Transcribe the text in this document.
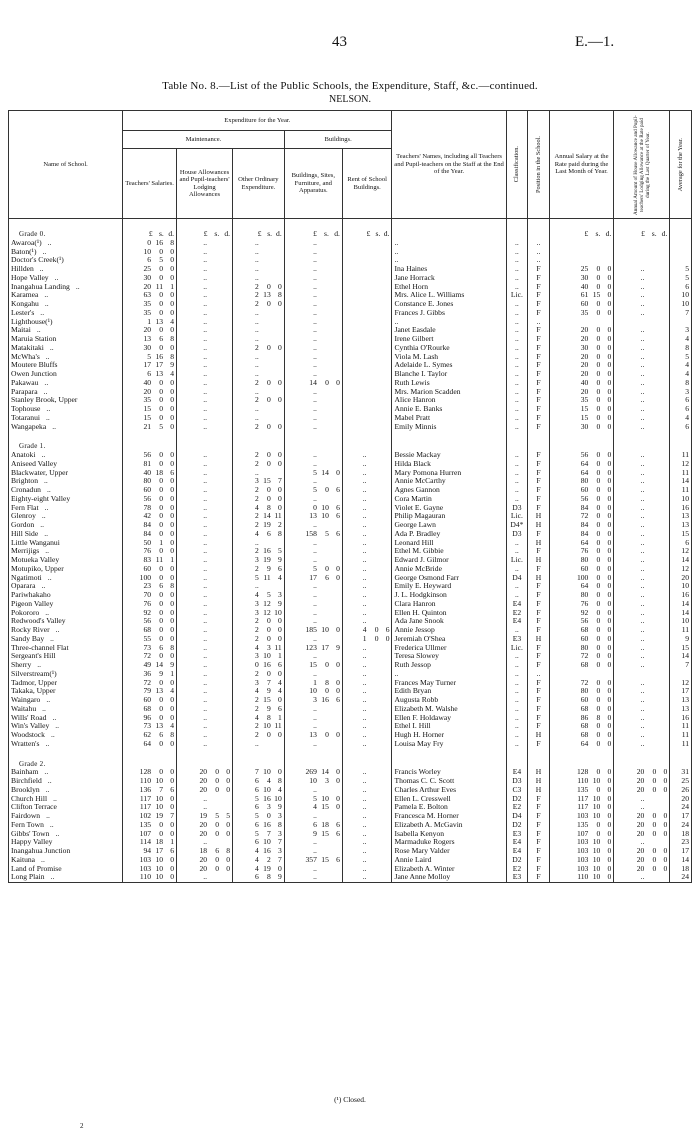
43	E.—1.
Table No. 8.—List of the Public Schools, the Expenditure, Staff, &c.—continued.
NELSON.
Name of School.	Expenditure for the Year.					Teachers' Names, including all Teachers and Pupil-teachers on the Staff at the End of the Year.	Classification.	Position in the School.	Annual Salary at the Rate paid during the Last Month of Year.	Annual Amount of House Allowance and Pupil-teachers' Lodging Allowance at the Rate paid during the Last Quarter of Year.	Average for the Year.

	Maintenance.			Buildings.							
	Teachers' Salaries.	House Allowances and Pupil-teachers' Lodging Allowances	Other Ordinary Expenditure.	Buildings, Sites, Furniture, and Apparatus.	Rent of School Buildings.						
Grade 0.	£ s. d.	£ s. d.	£ s. d.	£ s. d.	£ s. d.				£ s. d.	£ s. d.	

Awaroa(¹) ..	0 16 8	..	..	..		..	..	..	

Baton(¹) ..	10 0 0	..	..	..		..	..	..	

Doctor's Creek(¹)	6 5 0	..	..	..		..	..	..	

Hillden ..	25 0 0	..	..	..		Ina Haines	..	F	25 0 0	..	5
Hope Valley ..	30 0 0	..	..	..		Jane Horrack	..	F	30 0 0	..	5
Inangahua Landing ..	20 11 1	..	2 0 0	..		Ethel Horn	..	F	40 0 0	..	6
Karamea ..	63 0 0	..	2 13 8	..		Mrs. Alice L. Williams	Lic.	F	61 15 0	..	10
Kongahu ..	35 0 0	..	2 0 0	..		Constance E. Jones	..	F	60 0 0	..	10
Lester's ..	35 0 0	..	..	..		Frances J. Gibbs	..	F	35 0 0	..	7
Lighthouse(¹)	1 13 4	..	..	..		..	..	..	

Maitai ..	20 0 0	..	..	..		Janet Easdale	..	F	20 0 0	..	3
Maruia Station	13 6 8	..	..	..		Irene Gilbert	..	F	20 0 0	..	4
Matakitaki ..	30 0 0	..	2 0 0	..		Cynthia O'Rourke	..	F	30 0 0	..	8
McWha's ..	5 16 8	..	..	..		Viola M. Lash	..	F	20 0 0	..	5
Moutere Bluffs	17 17 9	..	..	..		Adelaide L. Symes	..	F	20 0 0	..	4
Owen Junction	6 13 4	..	..	..		Blanche I. Taylor	..	F	20 0 0	..	4
Pakawau ..	40 0 0	..	2 0 0	14 0 0		Ruth Lewis	..	F	40 0 0	..	8
Parapara ..	20 0 0	..	..	..		Mrs. Marion Scadden	..	F	20 0 0	..	3
Stanley Brook, Upper	35 0 0	..	2 0 0	..		Alice Hanron	..	F	35 0 0	..	6
Tophouse ..	15 0 0	..	..	..		Annie E. Banks	..	F	15 0 0	..	6
Totaranui ..	15 0 0	..	..	..		Mabel Pratt	..	F	15 0 0	..	4
Wangapeka ..	21 5 0	..	2 0 0	..		Emily Minnis	..	F	30 0 0	..	6
Grade 1.											
Anatoki ..	56 0 0	..	2 0 0	..	..	Bessie Mackay	..	F	56 0 0	..	11
Aniseed Valley	81 0 0	..	2 0 0	..	..	Hilda Black	..	F	64 0 0	..	12
Blackwater, Upper	40 18 6	..	..	5 14 0	..	Mary Pomona Hurren	..	F	64 0 0	..	11
Brighton ..	80 0 0	..	3 15 7	..	..	Annie McCarthy	..	F	80 0 0	..	14
Cronadun ..	60 0 0	..	2 0 0	5 0 6	..	Agnes Gannon	..	F	60 0 0	..	11
Eighty-eight Valley	56 0 0	..	2 0 0	..	..	Cora Martin	..	F	56 0 0	..	10
Fern Flat ..	78 0 0	..	4 8 0	0 10 6	..	Violet E. Gayne	D3	F	84 0 0	..	16
Glenroy ..	42 0 0	..	2 14 11	13 10 6	..	Philip Magauran	Lic.	H	72 0 0	..	13
Gordon ..	84 0 0	..	2 19 2	..	..	George Lawn	D4*	H	84 0 0	..	13
Hill Side ..	84 0 0	..	4 6 8	158 5 6	..	Ada P. Bradley	D3	F	84 0 0	..	15
Little Wanganui	50 1 0	..	..	..	..	Leonard Hill	..	H	64 0 0	..	6
Merrijigs ..	76 0 0	..	2 16 5	..	..	Ethel M. Gibbie	..	F	76 0 0	..	12
Motueka Valley	83 11 1	..	3 19 9	..	..	Edward J. Gilmor	Lic.	H	80 0 0	..	14
Motupiko, Upper	60 0 0	..	2 9 6	5 0 0	..	Annie McBride	..	F	60 0 0	..	12
Ngatimoti ..	100 0 0	..	5 11 4	17 6 0	..	George Osmond Farr	D4	H	100 0 0	..	20
Oparara ..	23 6 8	..	..	..	..	Emily E. Heyward	..	F	64 0 0	..	10
Pariwhakaho	70 0 0	..	4 5 3	..	..	J. L. Hodgkinson	..	F	80 0 0	..	16
Pigeon Valley	76 0 0	..	3 12 9	..	..	Clara Hanron	E4	F	76 0 0	..	14
Pokororo ..	92 0 0	..	3 12 10	..	..	Ellen H. Quinton	E2	F	92 0 0	..	14
Redwood's Valley	56 0 0	..	2 0 0	..	..	Ada Jane Snook	E4	F	56 0 0	..	10
Rocky River ..	68 0 0	..	2 0 0	185 10 0	4 0 6	Annie Jessop	..	F	68 0 0	..	11
Sandy Bay ..	55 0 0	..	2 0 0	..	1 0 0	Jeremiah O'Shea	E3	H	60 0 0	..	9
Three-channel Flat	73 6 8	..	4 3 11	123 17 9	..	Frederica Ullmer	Lic.	F	80 0 0	..	15
Sergeant's Hill	72 0 0	..	3 10 1	..	..	Teresa Slowey	..	F	72 0 0	..	14
Sherry ..	49 14 9	..	0 16 6	15 0 0	..	Ruth Jessop	..	F	68 0 0	..	7
Silverstream(¹)	36 9 1	..	2 0 0	..	..	..	..	..	

Tadmor, Upper	72 0 0	..	3 7 4	1 8 0	..	Frances May Turner	..	F	72 0 0	..	12
Takaka, Upper	79 13 4	..	4 9 4	10 0 0	..	Edith Bryan	..	F	80 0 0	..	17
Waingaro ..	60 0 0	..	2 15 0	3 16 6	..	Augusta Robb	..	F	60 0 0	..	13
Waitahu ..	68 0 0	..	2 9 6	..	..	Elizabeth M. Walshe	..	F	68 0 0	..	13
Wills' Road ..	96 0 0	..	4 8 1	..	..	Ellen F. Holdaway	..	F	86 8 0	..	16
Win's Valley ..	73 13 4	..	2 10 11	..	..	Ethel I. Hill	..	F	68 0 0	..	11
Woodstock ..	62 6 8	..	2 0 0	13 0 0	..	Hugh H. Horner	..	H	68 0 0	..	11
Wratten's ..	64 0 0	..	..	..	..	Louisa May Fry	..	F	64 0 0	..	11
Grade 2.											
Bainham ..	128 0 0	20 0 0	7 10 0	269 14 0	..	Francis Worley	E4	H	128 0 0	20 0 0	31
Birchfield ..	110 10 0	20 0 0	6 4 8	10 3 0	..	Thomas C. C. Scott	D3	H	110 10 0	20 0 0	25
Brooklyn ..	136 7 6	20 0 0	6 10 4	..	..	Charles Arthur Eves	C3	H	135 0 0	20 0 0	26
Church Hill ..	117 10 0	..	5 16 10	5 10 0	..	Ellen L. Cresswell	D2	F	117 10 0	..	20
Clifton Terrace	117 10 0	..	6 3 9	4 15 0	..	Pamela E. Bolton	E2	F	117 10 0	..	24
Fairdown ..	102 19 7	19 5 5	5 0 3	..	..	Francesca M. Horner	D4	F	103 10 0	20 0 0	17
Fern Town ..	135 0 0	20 0 0	6 16 8	6 18 6	..	Elizabeth A. McGavin	D2	F	135 0 0	20 0 0	24
Gibbs' Town ..	107 0 0	20 0 0	5 7 3	9 15 6	..	Isabella Kenyon	E3	F	107 0 0	20 0 0	18
Happy Valley	114 18 1	..	6 10 7	..	..	Marmaduke Rogers	E4	F	103 10 0	..	23
Inangahua Junction	94 17 6	18 6 8	4 16 3	..	..	Rose Mary Valder	E4	F	103 10 0	20 0 0	17
Kaituna ..	103 10 0	20 0 0	4 2 7	357 15 6	..	Annie Laird	D2	F	103 10 0	20 0 0	14
Land of Promise	103 10 0	20 0 0	4 19 0	..	..	Elizabeth A. Winter	E2	F	103 10 0	20 0 0	18
Long Plain ..	110 10 0	..	6 8 9	..	..	Jane Anne Molloy	E3	F	110 10 0	..	24
(¹) Closed.
2
